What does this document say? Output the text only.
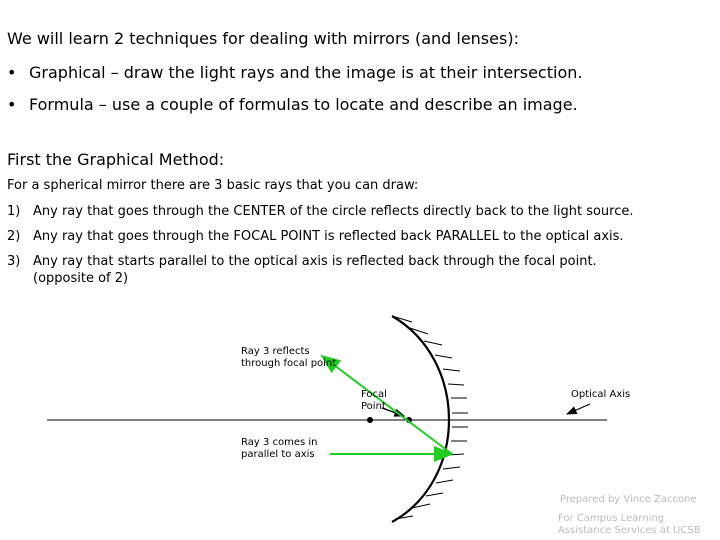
We will learn 2 techniques for dealing with mirrors (and lenses):
• Graphical – draw the light rays and the image is at their intersection.
• Formula – use a couple of formulas to locate and describe an image.
First the Graphical Method:
For a spherical mirror there are 3 basic rays that you can draw:
1) Any ray that goes through the CENTER of the circle reflects directly back to the light source.
2) Any ray that goes through the FOCAL POINT is reflected back PARALLEL to the optical axis.
3) Any ray that starts parallel to the optical axis is reflected back through the focal point.
(opposite of 2)
Ray 3 reflects
through focal point
Focal
Point
Optical Axis
Ray 3 comes in
parallel to axis
Prepared by Vince Zaccone
For Campus Learning
Assistance Services at UCSB
